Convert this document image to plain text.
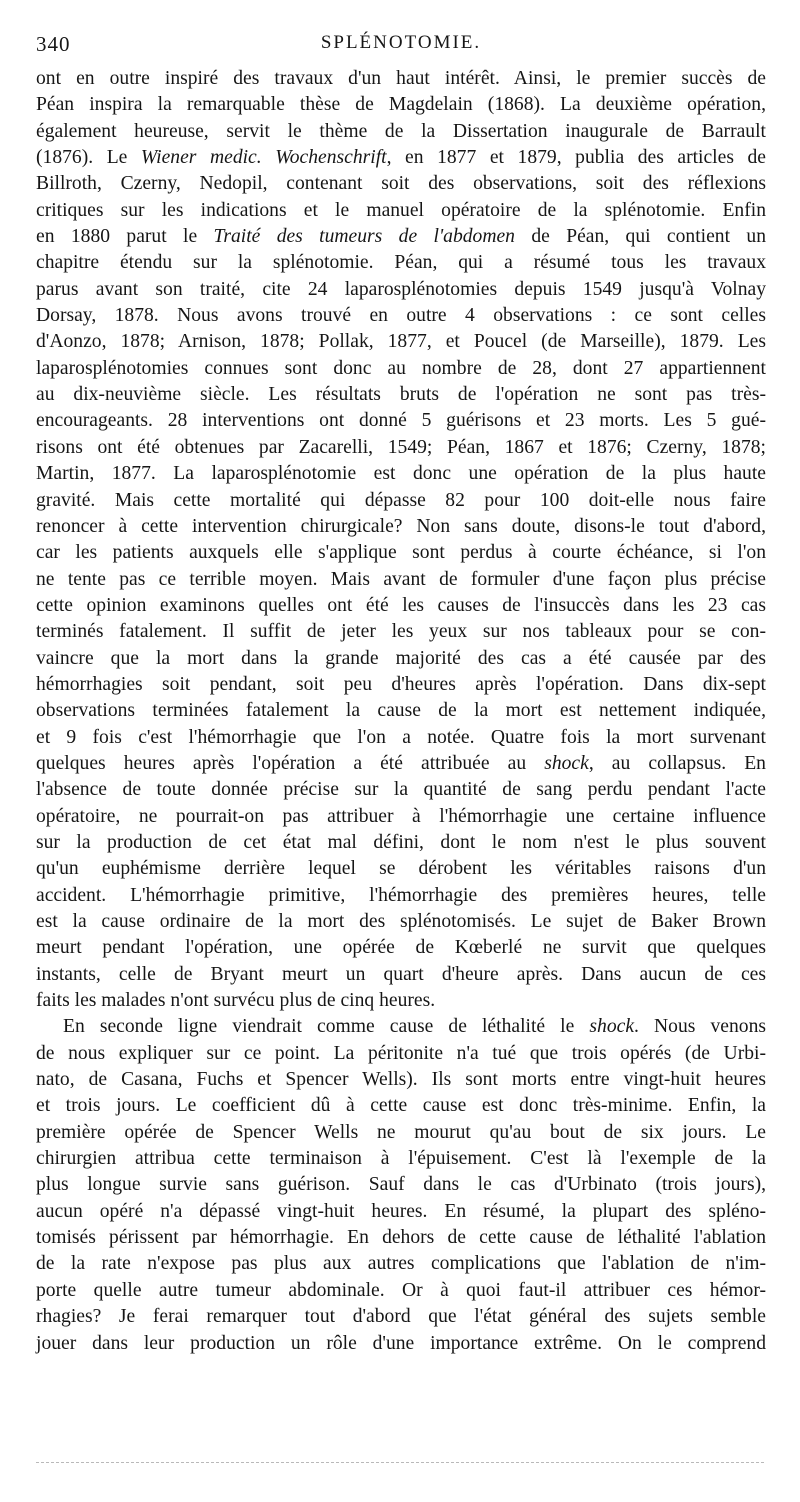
340	SPLÉNOTOMIE.
ont en outre inspiré des travaux d'un haut intérêt. Ainsi, le premier succès de
Péan inspira la remarquable thèse de Magdelain (1868). La deuxième opération,
également heureuse, servit le thème de la Dissertation inaugurale de Barrault
(1876). Le Wiener medic. Wochenschrift, en 1877 et 1879, publia des articles de
Billroth, Czerny, Nedopil, contenant soit des observations, soit des réflexions
critiques sur les indications et le manuel opératoire de la splénotomie. Enfin
en 1880 parut le Traité des tumeurs de l'abdomen de Péan, qui contient un
chapitre étendu sur la splénotomie. Péan, qui a résumé tous les travaux
parus avant son traité, cite 24 laparosplénotomies depuis 1549 jusqu'à Volnay
Dorsay, 1878. Nous avons trouvé en outre 4 observations : ce sont celles
d'Aonzo, 1878; Arnison, 1878; Pollak, 1877, et Poucel (de Marseille), 1879. Les
laparosplénotomies connues sont donc au nombre de 28, dont 27 appartiennent
au dix-neuvième siècle. Les résultats bruts de l'opération ne sont pas très-
encourageants. 28 interventions ont donné 5 guérisons et 23 morts. Les 5 gué-
risons ont été obtenues par Zacarelli, 1549; Péan, 1867 et 1876; Czerny, 1878;
Martin, 1877. La laparosplénotomie est donc une opération de la plus haute
gravité. Mais cette mortalité qui dépasse 82 pour 100 doit-elle nous faire
renoncer à cette intervention chirurgicale? Non sans doute, disons-le tout d'abord,
car les patients auxquels elle s'applique sont perdus à courte échéance, si l'on
ne tente pas ce terrible moyen. Mais avant de formuler d'une façon plus précise
cette opinion examinons quelles ont été les causes de l'insuccès dans les 23 cas
terminés fatalement. Il suffit de jeter les yeux sur nos tableaux pour se con-
vaincre que la mort dans la grande majorité des cas a été causée par des
hémorrhagies soit pendant, soit peu d'heures après l'opération. Dans dix-sept
observations terminées fatalement la cause de la mort est nettement indiquée,
et 9 fois c'est l'hémorrhagie que l'on a notée. Quatre fois la mort survenant
quelques heures après l'opération a été attribuée au shock, au collapsus. En
l'absence de toute donnée précise sur la quantité de sang perdu pendant l'acte
opératoire, ne pourrait-on pas attribuer à l'hémorrhagie une certaine influence
sur la production de cet état mal défini, dont le nom n'est le plus souvent
qu'un euphémisme derrière lequel se dérobent les véritables raisons d'un
accident. L'hémorrhagie primitive, l'hémorrhagie des premières heures, telle
est la cause ordinaire de la mort des splénotomisés. Le sujet de Baker Brown
meurt pendant l'opération, une opérée de Kœberlé ne survit que quelques
instants, celle de Bryant meurt un quart d'heure après. Dans aucun de ces
faits les malades n'ont survécu plus de cinq heures.
En seconde ligne viendrait comme cause de léthalité le shock. Nous venons
de nous expliquer sur ce point. La péritonite n'a tué que trois opérés (de Urbi-
nato, de Casana, Fuchs et Spencer Wells). Ils sont morts entre vingt-huit heures
et trois jours. Le coefficient dû à cette cause est donc très-minime. Enfin, la
première opérée de Spencer Wells ne mourut qu'au bout de six jours. Le
chirurgien attribua cette terminaison à l'épuisement. C'est là l'exemple de la
plus longue survie sans guérison. Sauf dans le cas d'Urbinato (trois jours),
aucun opéré n'a dépassé vingt-huit heures. En résumé, la plupart des spléno-
tomisés périssent par hémorrhagie. En dehors de cette cause de léthalité l'ablation
de la rate n'expose pas plus aux autres complications que l'ablation de n'im-
porte quelle autre tumeur abdominale. Or à quoi faut-il attribuer ces hémor-
rhagies? Je ferai remarquer tout d'abord que l'état général des sujets semble
jouer dans leur production un rôle d'une importance extrême. On le comprend
